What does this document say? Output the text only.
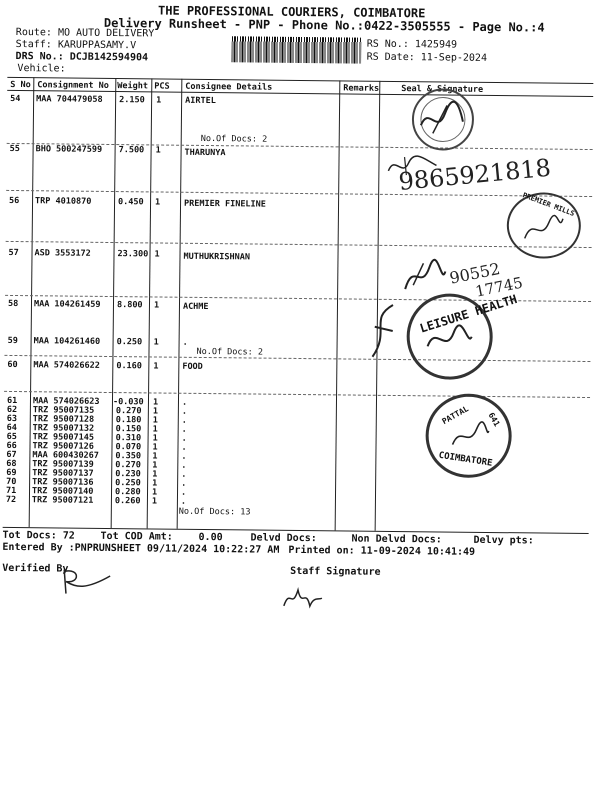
THE PROFESSIONAL COURIERS, COIMBATORE
Delivery Runsheet - PNP - Phone No.:0422-3505555 - Page No.:4
Route: MO AUTO DELIVERY
Staff: KARUPPASAMY.V
DRS No.: DCJB142594904
Vehicle:
RS No.: 1425949
RS Date: 11-Sep-2024
S No Consignment No Weight PCS Consignee Details	Remarks	Seal & Signature
54 MAA 704479058 2.150 1	AIRTEL
No.Of Docs: 2
55 BHO 500247599 7.500 1	THARUNYA
56 TRP 4010870	0.450 1	PREMIER FINELINE
57 ASD 3553172	23.300 1	MUTHUKRISHNAN
58 MAA 104261459 8.800 1	ACHME
59 MAA 104261460 0.250 1	.
No.Of Docs: 2
60 MAA 574026622 0.160 1	FOOD
61 MAA 574026623 -0.030 1	.
62 TRZ 95007135	0.270 1	.
63 TRZ 95007128	0.180 1	.
64 TRZ 95007132	0.150 1	.
65 TRZ 95007145	0.310 1	.
66 TRZ 95007126	0.070 1	.
67 MAA 600430267 0.350 1	.
68 TRZ 95007139	0.270 1	.
69 TRZ 95007137	0.230 1	.
70 TRZ 95007136	0.250 1	.
71 TRZ 95007140	0.280 1	.
72 TRZ 95007121	0.260 1	.
No.Of Docs: 13
9865921818
PREMIER MILLS
90552
17745
LEISURE HEALTH
PATTAL 641
COIMBATORE
Tot Docs: 72	Tot COD Amt:	0.00	Delvd Docs:	Non Delvd Docs:	Delvy pts:
Entered By :PNPRUNSHEET 09/11/2024 10:22:27 AM Printed on: 11-09-2024 10:41:49
Verified By	Staff Signature
